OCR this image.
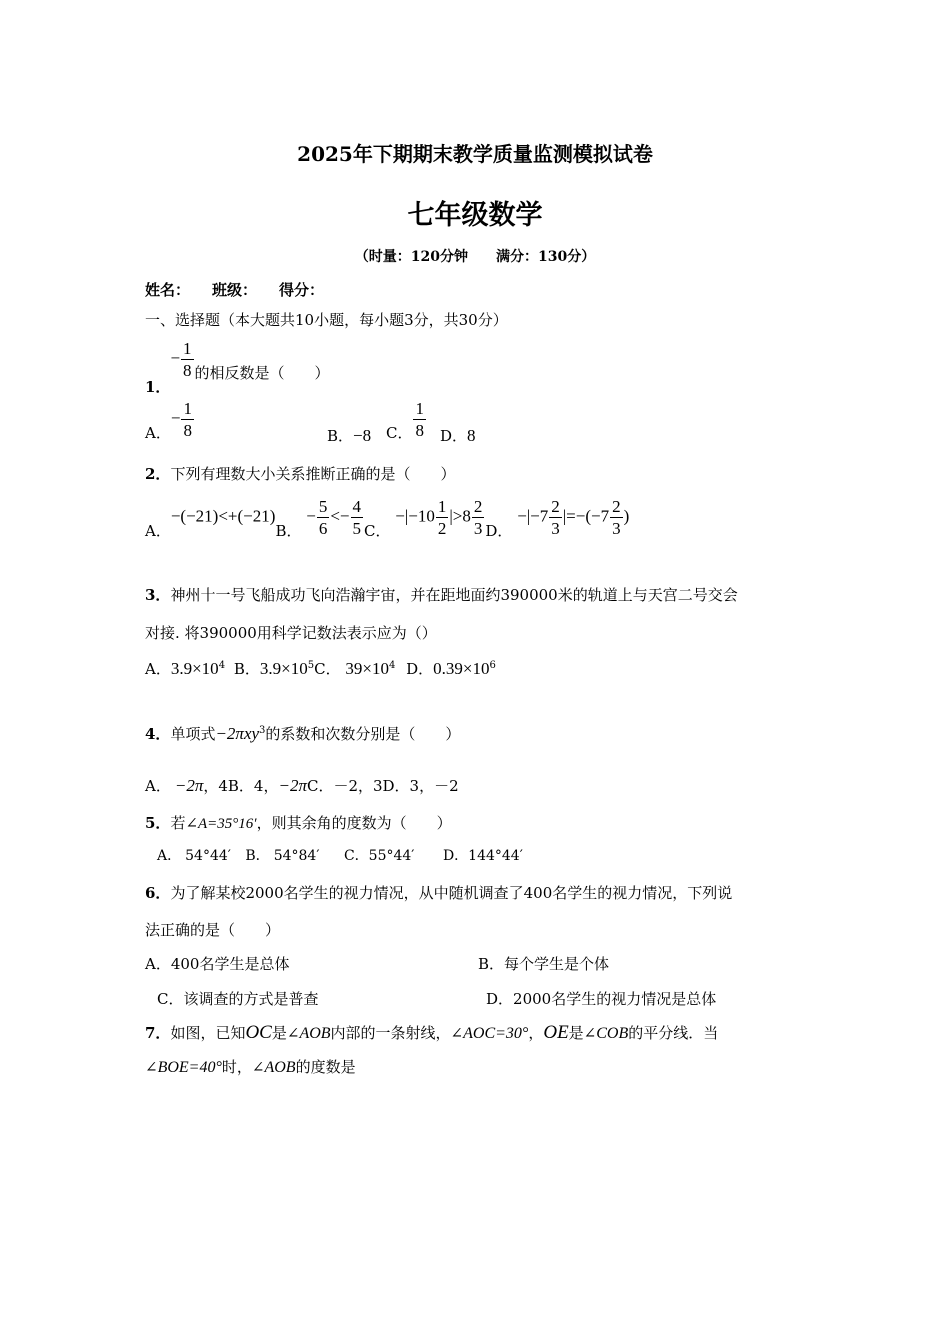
2025年下期期末教学质量监测模拟试卷
七年级数学
（时量：120分钟　　满分：130分）
姓名： 班级： 得分：
一、选择题（本大题共10小题，每小题3分，共30分）
1．− $\frac{1}{8}$ 的相反数是（　　）
A．− $\frac{1}{8}$	B．−8 C． $\frac{1}{8}$ D．8
2．下列有理数大小关系推断正确的是（　　）
A．−(−21)<+(−21)B． − $\frac{5}{6} <- \frac{4}{5}$ C． $-|-10 \frac{1}{2} |>8 \frac{2}{3}$ D． $-|-7 \frac{2}{3} |=-(-7 \frac{2}{3}$ )
3．神州十一号飞船成功飞向浩瀚宇宙，并在距地面约390000米的轨道上与天宫二号交会
对接. 将390000用科学记数法表示应为（）
A．$3.9\times 10^4$ B．$3.9\times 10^5C$． $39\times 10^4$ D．$0.39\times 10^6$
4．单项式−2πxy$^3$的系数和次数分别是（　　）
A． −2π，4B．4，−2πC．－2，3D．3，－2
5．若∠A=35°16′，则其余角的度数为（　　）
A． 54°44′ B． 54°84′ C．55°44′ D．144°44′
6．为了解某校2000名学生的视力情况，从中随机调查了400名学生的视力情况，下列说
法正确的是（　　）
A．400名学生是总体	B．每个学生是个体
C．该调查的方式是普查	D．2000名学生的视力情况是总体
7．如图，已知OC是∠AOB内部的一条射线，∠AOC=30°，OE是∠COB的平分线．当
∠BOE=40°时，∠AOB的度数是
